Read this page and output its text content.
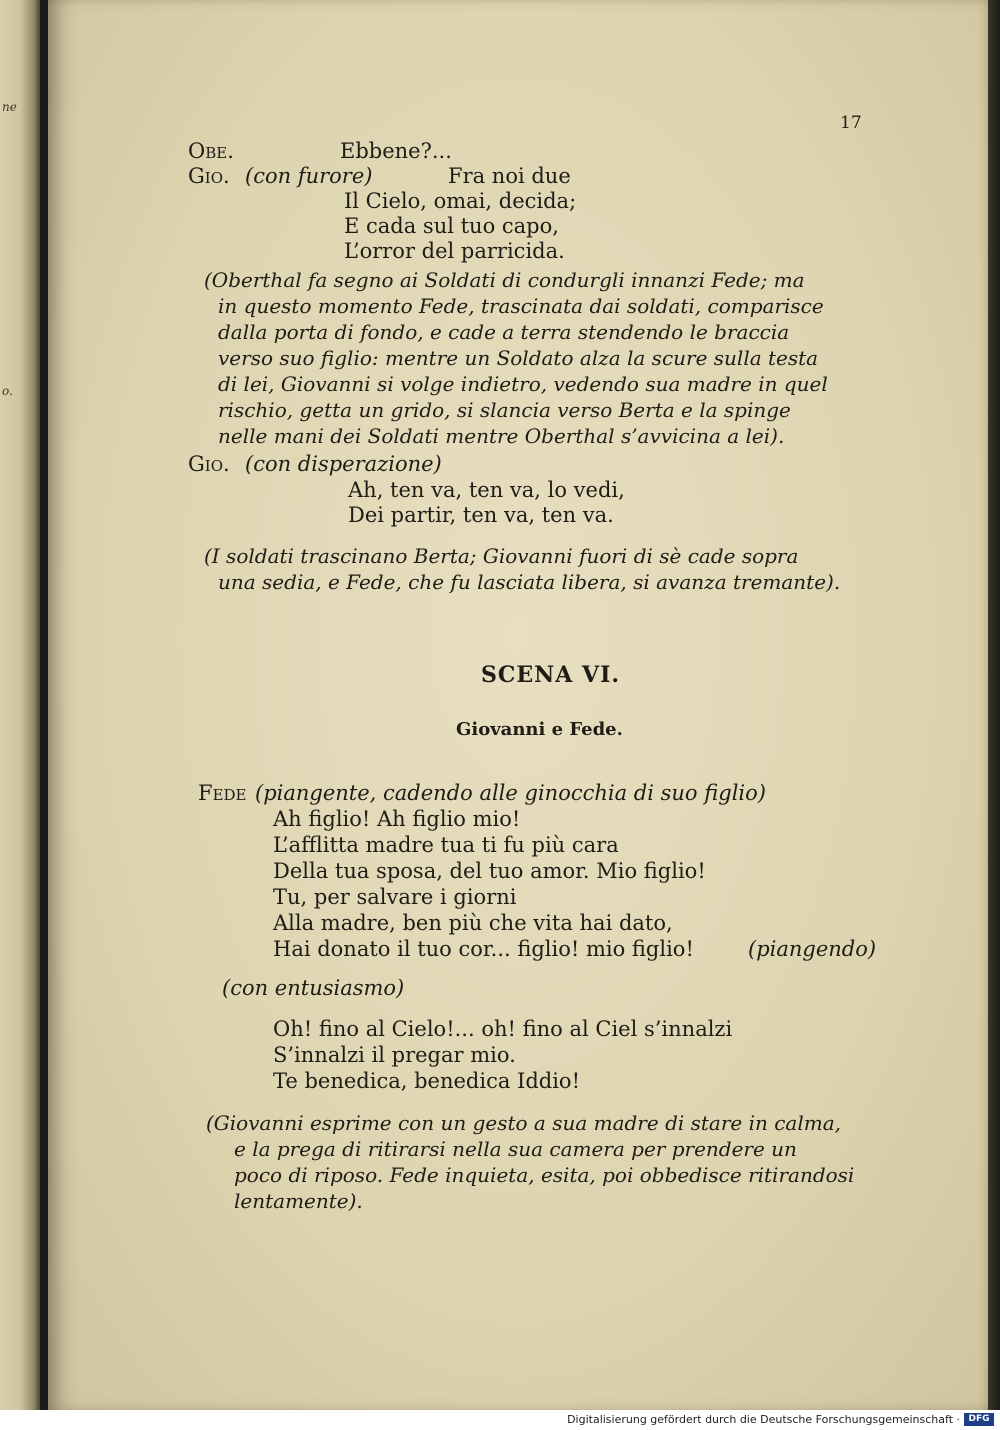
ne
o.
17
Obe.	Ebbene?...
Gio. (con furore)	Fra noi due
Il Cielo, omai, decida;
E cada sul tuo capo,
L’orror del parricida.
(Oberthal fa segno ai Soldati di condurgli innanzi Fede; ma
in questo momento Fede, trascinata dai soldati, comparisce
dalla porta di fondo, e cade a terra stendendo le braccia
verso suo figlio: mentre un Soldato alza la scure sulla testa
di lei, Giovanni si volge indietro, vedendo sua madre in quel
rischio, getta un grido, si slancia verso Berta e la spinge
nelle mani dei Soldati mentre Oberthal s’avvicina a lei).
Gio. (con disperazione)
Ah, ten va, ten va, lo vedi,
Dei partir, ten va, ten va.
(I soldati trascinano Berta; Giovanni fuori di sè cade sopra
una sedia, e Fede, che fu lasciata libera, si avanza tremante).
SCENA VI.
Giovanni e Fede.
Fede (piangente, cadendo alle ginocchia di suo figlio)
Ah figlio! Ah figlio mio!
L’afflitta madre tua ti fu più cara
Della tua sposa, del tuo amor. Mio figlio!
Tu, per salvare i giorni
Alla madre, ben più che vita hai dato,
Hai donato il tuo cor... figlio! mio figlio!	(piangendo)
(con entusiasmo)
Oh! fino al Cielo!... oh! fino al Ciel s’innalzi
S’innalzi il pregar mio.
Te benedica, benedica Iddio!
(Giovanni esprime con un gesto a sua madre di stare in calma,
e la prega di ritirarsi nella sua camera per prendere un
poco di riposo. Fede inquieta, esita, poi obbedisce ritirandosi
lentamente).
Digitalisierung gefördert durch die Deutsche Forschungsgemeinschaft · DFG
